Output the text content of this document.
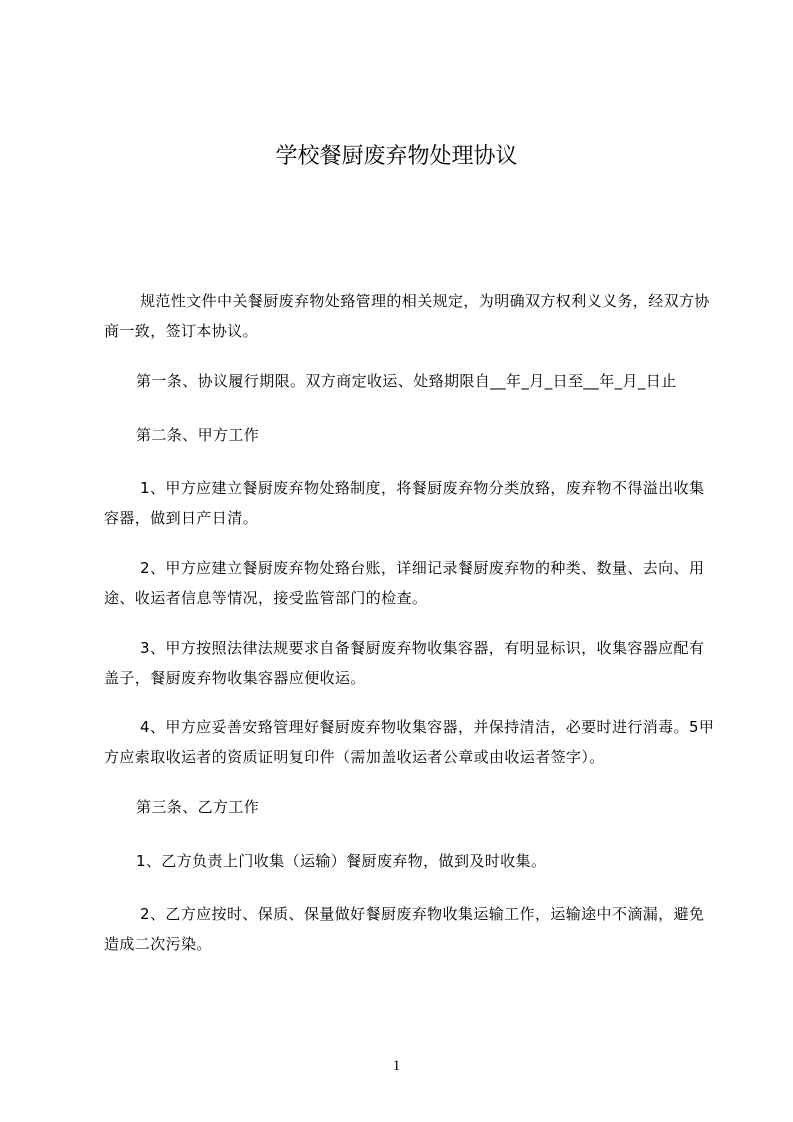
学校餐厨废弃物处理协议
规范性文件中关餐厨废弃物处臵管理的相关规定，为明确双方权利义义务，经双方协商一致，签订本协议。
第一条、协议履行期限。双方商定收运、处臵期限自__年_月_日至__年_月_日止
第二条、甲方工作
1、甲方应建立餐厨废弃物处臵制度，将餐厨废弃物分类放臵，废弃物不得溢出收集容器，做到日产日清。
2、甲方应建立餐厨废弃物处臵台账，详细记录餐厨废弃物的种类、数量、去向、用途、收运者信息等情况，接受监管部门的检查。
3、甲方按照法律法规要求自备餐厨废弃物收集容器，有明显标识，收集容器应配有盖子，餐厨废弃物收集容器应便收运。
4、甲方应妥善安臵管理好餐厨废弃物收集容器，并保持清洁，必要时进行消毒。5甲方应索取收运者的资质证明复印件（需加盖收运者公章或由收运者签字）。
第三条、乙方工作
1、乙方负责上门收集（运输）餐厨废弃物，做到及时收集。
2、乙方应按时、保质、保量做好餐厨废弃物收集运输工作，运输途中不滴漏，避免造成二次污染。
1
